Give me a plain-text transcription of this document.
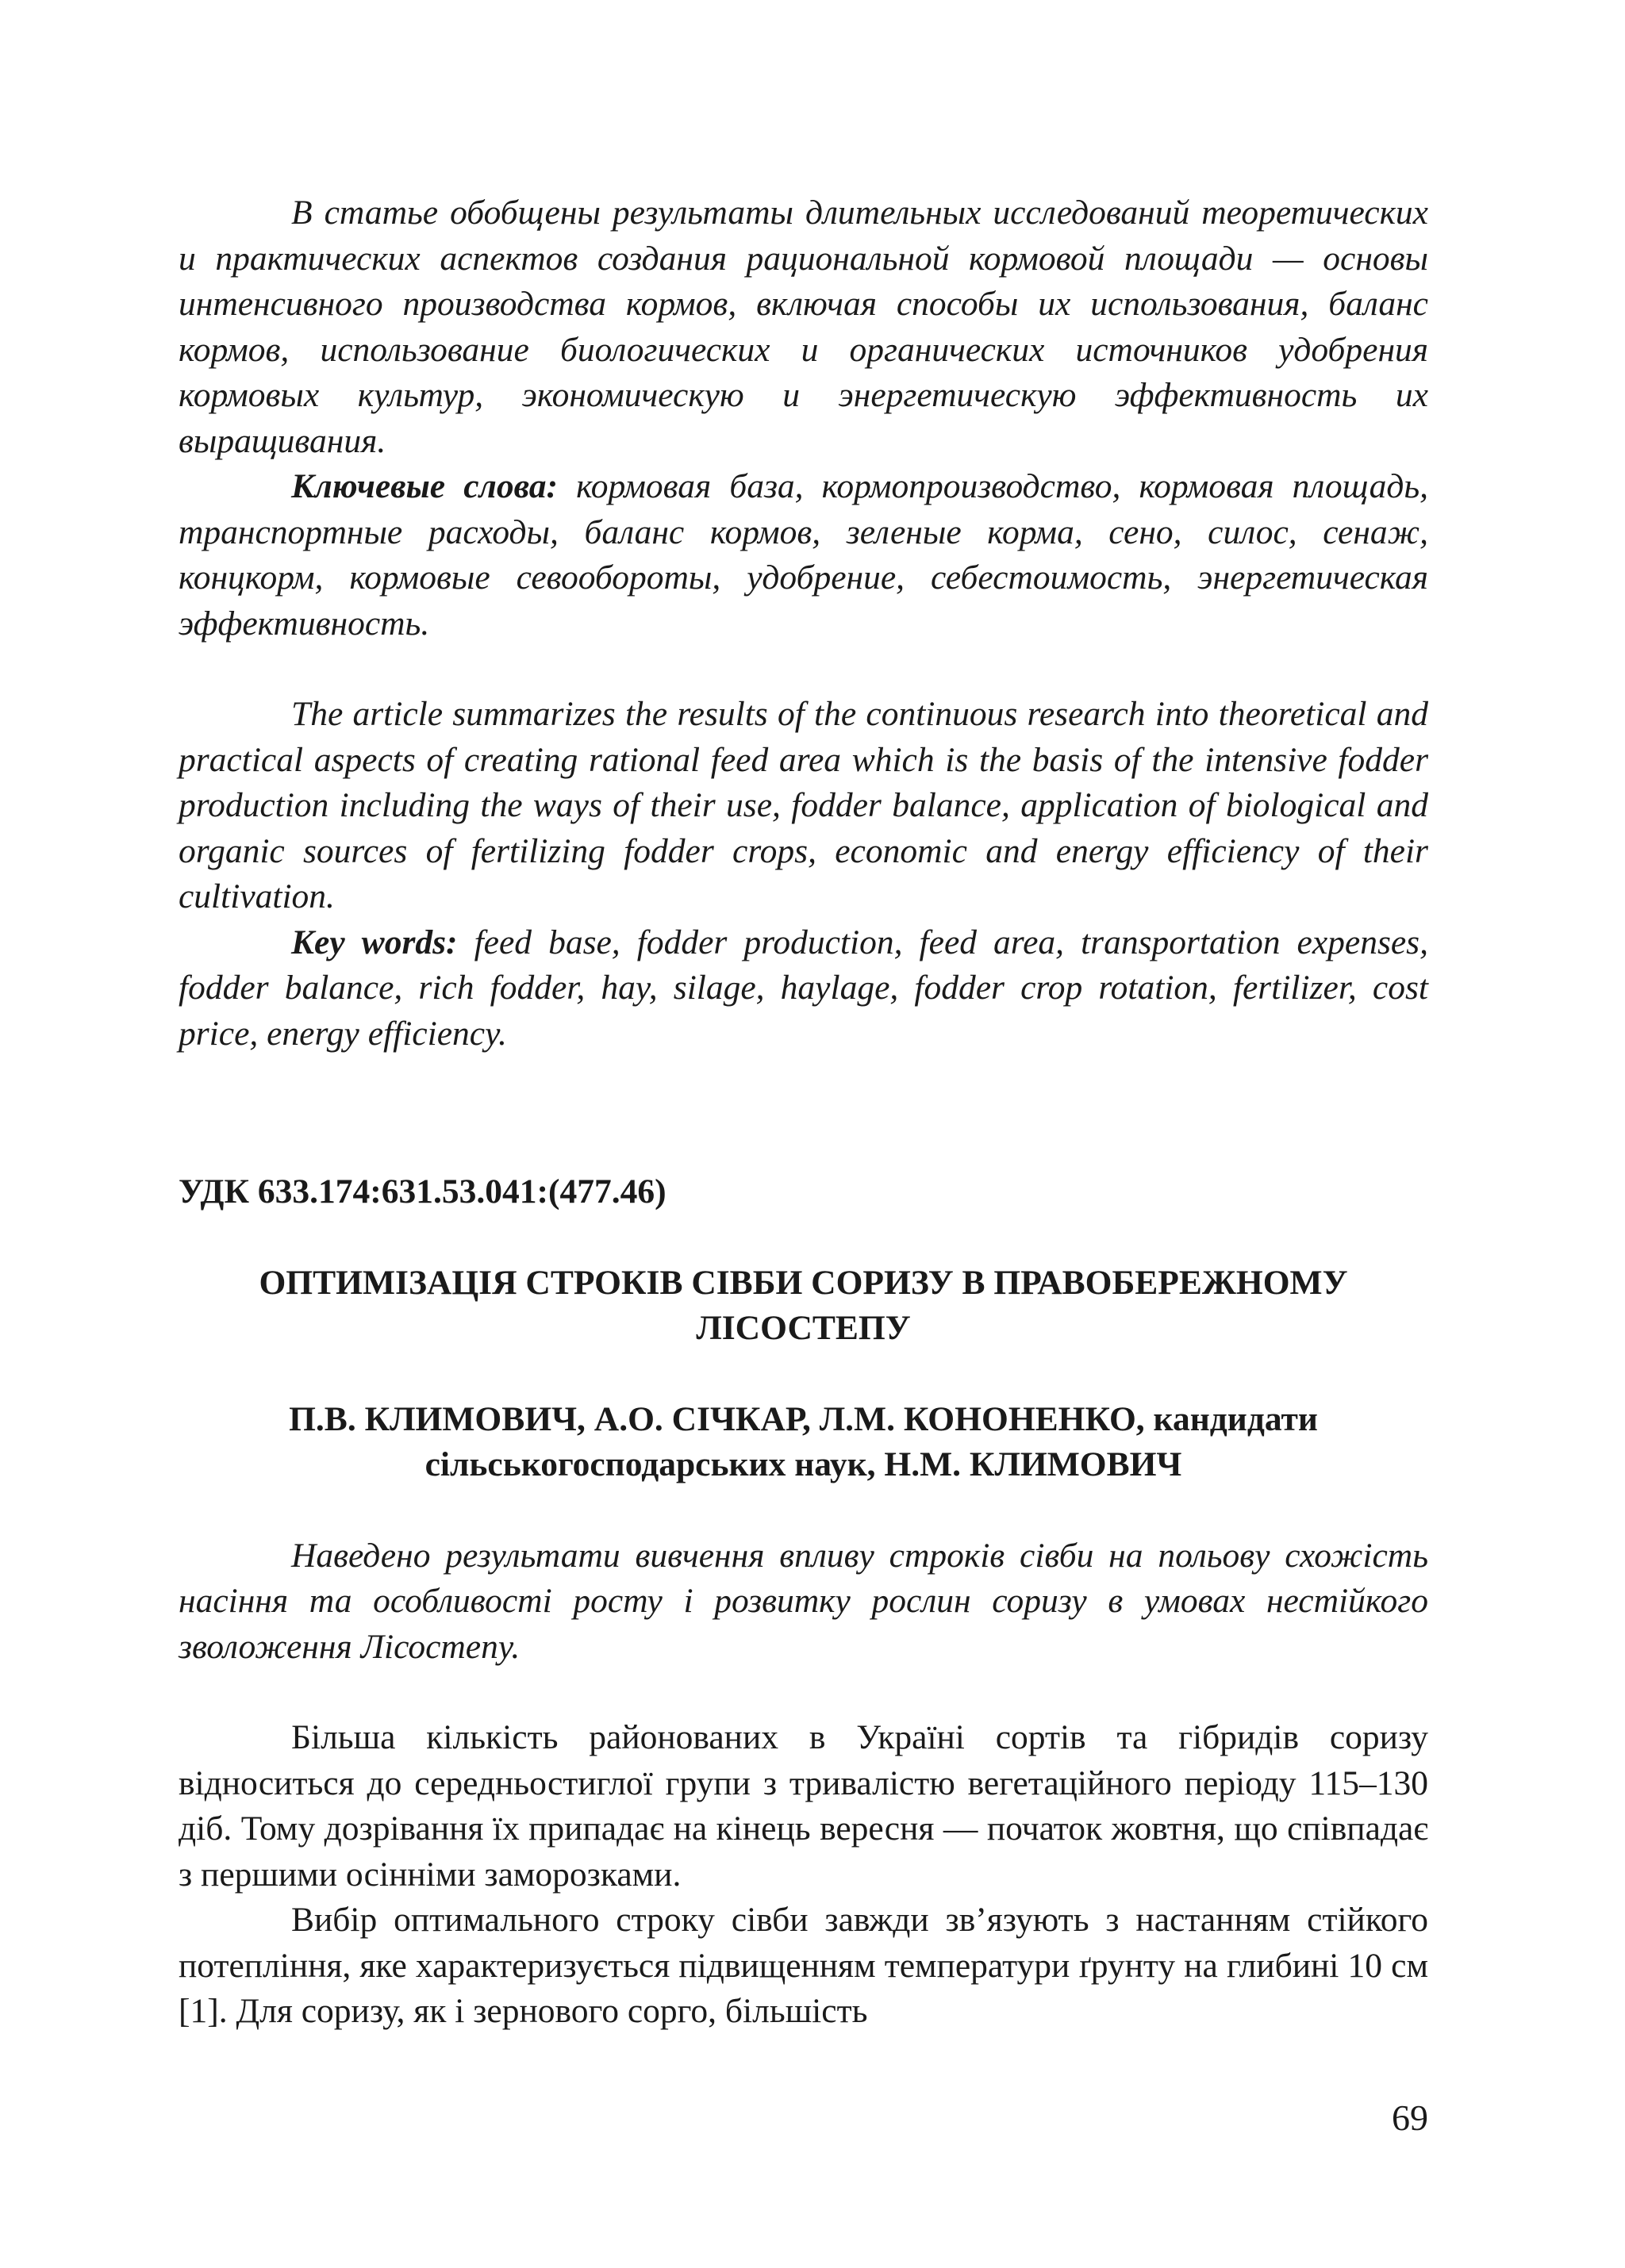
В статье обобщены результаты длительных исследований теоретических и практических аспектов создания рациональной кормовой площади — основы интенсивного производства кормов, включая способы их использования, баланс кормов, использование биологических и органических источников удобрения кормовых культур, экономическую и энергетическую эффективность их выращивания.

Ключевые слова: кормовая база, кормопроизводство, кормовая площадь, транспортные расходы, баланс кормов, зеленые корма, сено, силос, сенаж, концкорм, кормовые севообороты, удобрение, себестоимость, энергетическая эффективность.

The article summarizes the results of the continuous research into theoretical and practical aspects of creating rational feed area which is the basis of the intensive fodder production including the ways of their use, fodder balance, application of biological and organic sources of fertilizing fodder crops, economic and energy efficiency of their cultivation.

Key words: feed base, fodder production, feed area, transportation expenses, fodder balance, rich fodder, hay, silage, haylage, fodder crop rotation, fertilizer, cost price, energy efficiency.

УДК 633.174:631.53.041:(477.46)
ОПТИМІЗАЦІЯ СТРОКІВ СІВБИ СОРИЗУ В ПРАВОБЕРЕЖНОМУ ЛІСОСТЕПУ
П.В. КЛИМОВИЧ, А.О. СІЧКАР, Л.М. КОНОНЕНКО, кандидати сільськогосподарських наук, Н.М. КЛИМОВИЧ

Наведено результати вивчення впливу строків сівби на польову схожість насіння та особливості росту і розвитку рослин соризу в умовах нестійкого зволоження Лісостепу.

Більша кількість районованих в Україні сортів та гібридів соризу відноситься до середньостиглої групи з тривалістю вегетаційного періоду 115–130 діб. Тому дозрівання їх припадає на кінець вересня — початок жовтня, що співпадає з першими осінніми заморозками.

Вибір оптимального строку сівби завжди зв’язують з настанням стійкого потепління, яке характеризується підвищенням температури ґрунту на глибині 10 см [1]. Для соризу, як і зернового сорго, більшість

69
